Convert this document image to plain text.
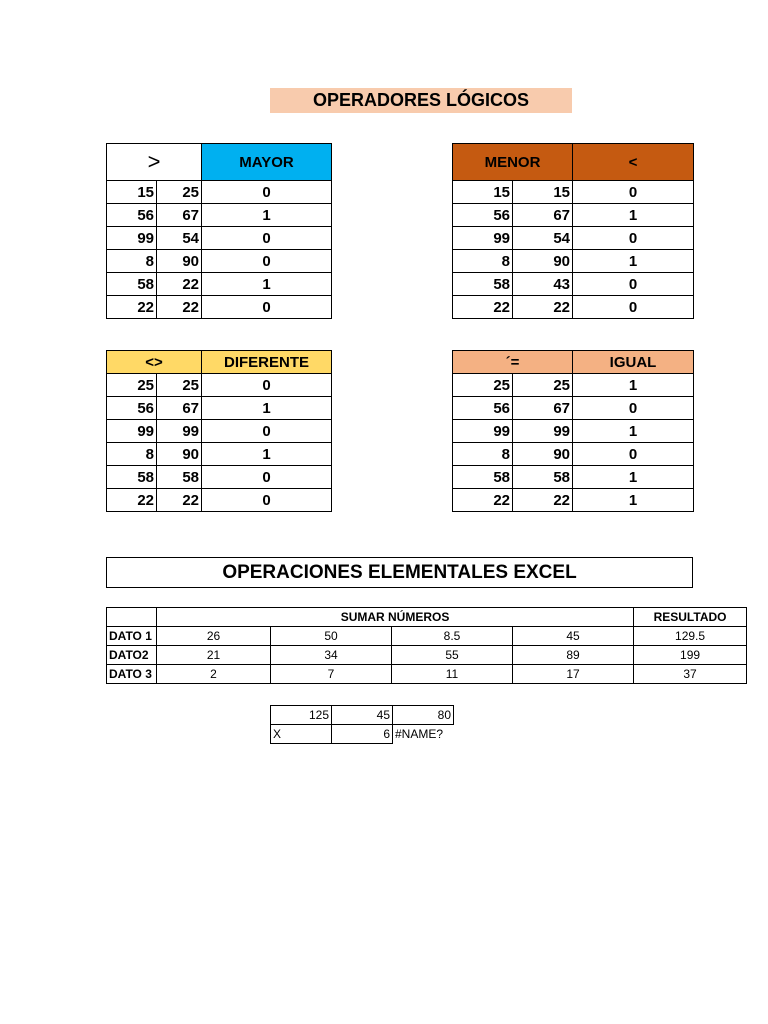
OPERADORES LÓGICOS
>		MAYOR
15	25	0
56	67	1
99	54	0
8	90	0
58	22	1
22	22	0
MENOR		<
15	15	0
56	67	1
99	54	0
8	90	1
58	43	0
22	22	0
<>		DIFERENTE
25	25	0
56	67	1
99	99	0
8	90	1
58	58	0
22	22	0
´=		IGUAL
25	25	1
56	67	0
99	99	1
8	90	0
58	58	1
22	22	1
OPERACIONES ELEMENTALES EXCEL
	SUMAR NÚMEROS				RESULTADO
DATO 1	26	50	8.5	45	129.5
DATO2	21	34	55	89	199
DATO 3	2	7	11	17	37
125	45	80
X	6	#NAME?
